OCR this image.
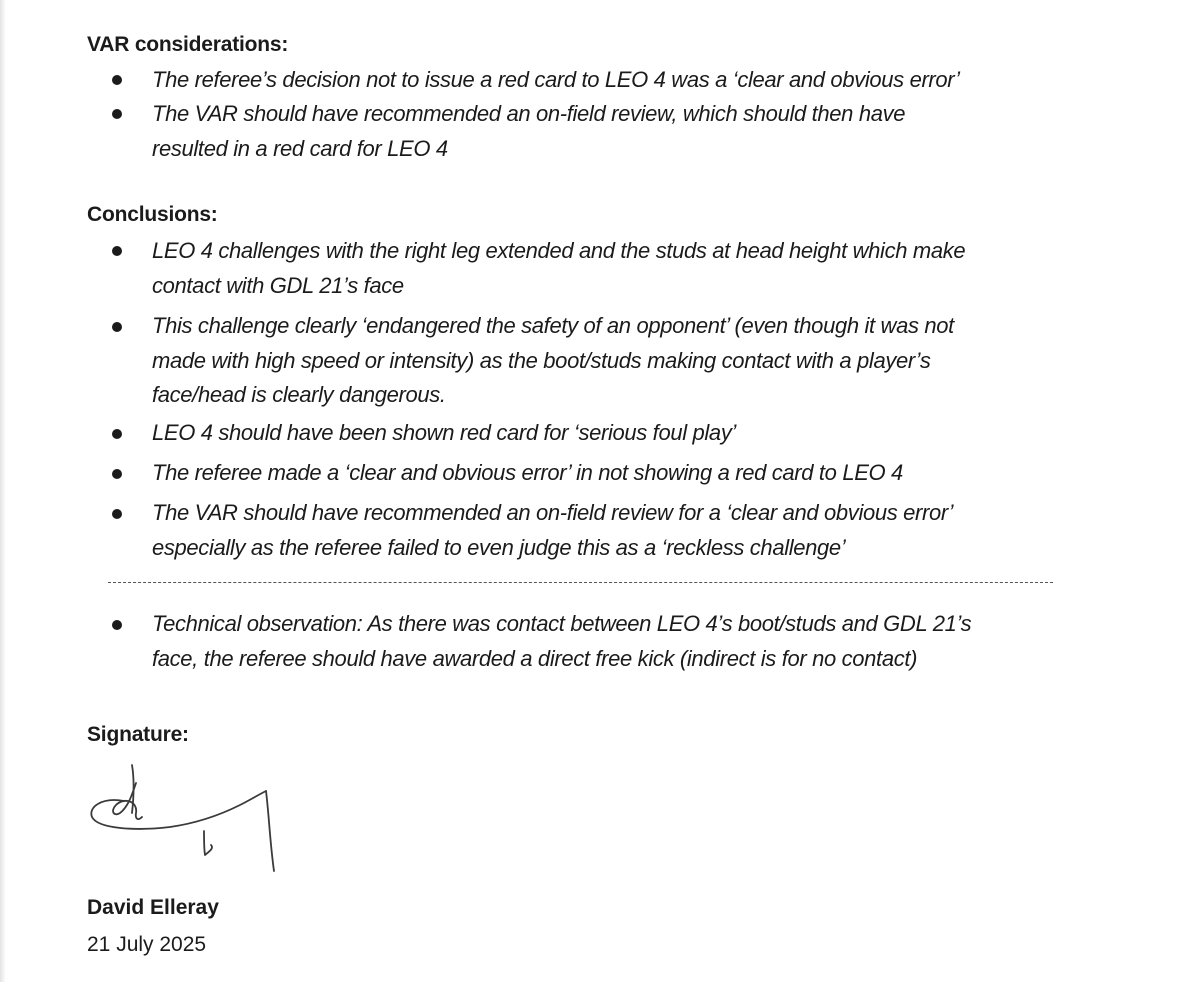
VAR considerations:
The referee’s decision not to issue a red card to LEO 4 was a ‘clear and obvious error’
The VAR should have recommended an on-field review, which should then have
resulted in a red card for LEO 4
Conclusions:
LEO 4 challenges with the right leg extended and the studs at head height which make
contact with GDL 21’s face
This challenge clearly ‘endangered the safety of an opponent’ (even though it was not
made with high speed or intensity) as the boot/studs making contact with a player’s
face/head is clearly dangerous.
LEO 4 should have been shown red card for ‘serious foul play’
The referee made a ‘clear and obvious error’ in not showing a red card to LEO 4
The VAR should have recommended an on-field review for a ‘clear and obvious error’
especially as the referee failed to even judge this as a ‘reckless challenge’
Technical observation: As there was contact between LEO 4’s boot/studs and GDL 21’s
face, the referee should have awarded a direct free kick (indirect is for no contact)
Signature:
David Elleray
21 July 2025
